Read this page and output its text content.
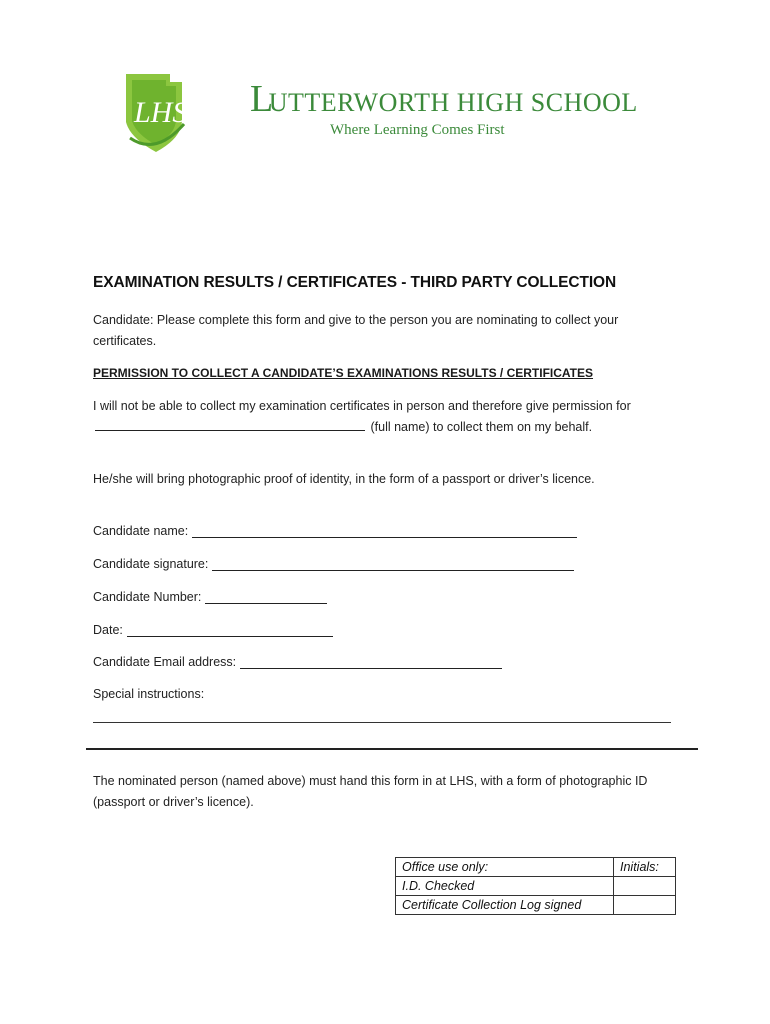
LHS LUTTERWORTH HIGH SCHOOL
Where Learning Comes First
EXAMINATION RESULTS / CERTIFICATES - THIRD PARTY COLLECTION
Candidate: Please complete this form and give to the person you are nominating to collect your certificates.
PERMISSION TO COLLECT A CANDIDATE’S EXAMINATIONS RESULTS / CERTIFICATES
I will not be able to collect my examination certificates in person and therefore give permission for  (full name) to collect them on my behalf.
He/she will bring photographic proof of identity, in the form of a passport or driver’s licence.
Candidate name:
Candidate signature:
Candidate Number:
Date:
Candidate Email address:
Special instructions:
The nominated person (named above) must hand this form in at LHS, with a form of photographic ID (passport or driver’s licence).
Office use only:	Initials:
I.D. Checked	
Certificate Collection Log signed	
